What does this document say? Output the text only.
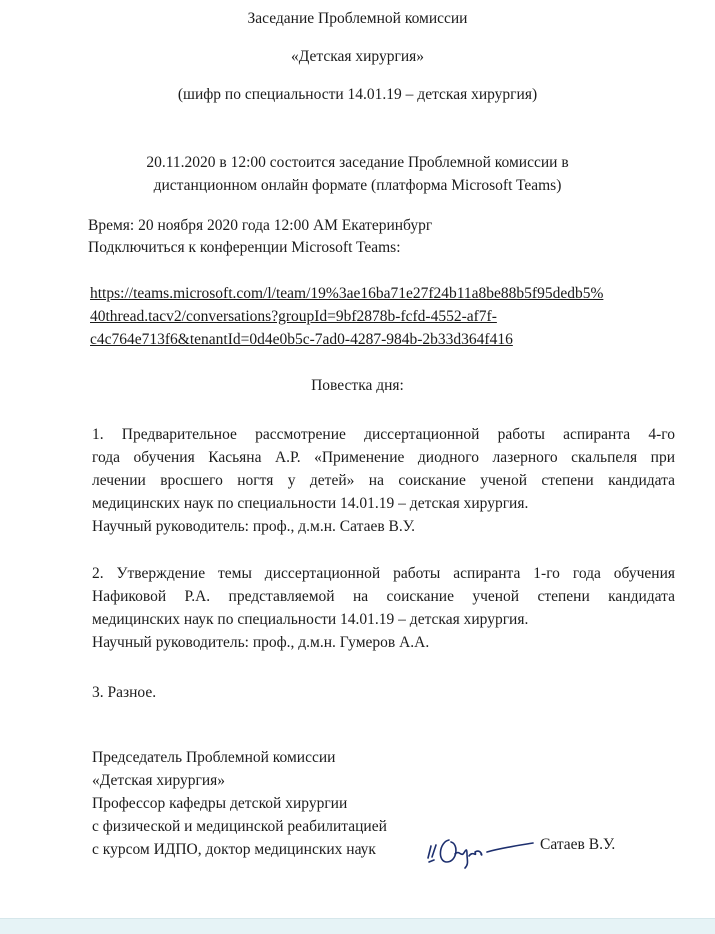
Заседание Проблемной комиссии
«Детская хирургия»
(шифр по специальности 14.01.19 – детская хирургия)
20.11.2020 в 12:00 состоится заседание Проблемной комиссии в
дистанционном онлайн формате (платформа Microsoft Teams)
Время: 20 ноября 2020 года 12:00 AM Екатеринбург
Подключиться к конференции Microsoft Teams:
https://teams.microsoft.com/l/team/19%3ae16ba71e27f24b11a8be88b5f95dedb5%
40thread.tacv2/conversations?groupId=9bf2878b-fcfd-4552-af7f-
c4c764e713f6&tenantId=0d4e0b5c-7ad0-4287-984b-2b33d364f416
Повестка дня:
1. Предварительное рассмотрение диссертационной работы аспиранта 4-го
года обучения Касьяна А.Р. «Применение диодного лазерного скальпеля при
лечении вросшего ногтя у детей» на соискание ученой степени кандидата
медицинских наук по специальности 14.01.19 – детская хирургия.
Научный руководитель: проф., д.м.н. Сатаев В.У.
2. Утверждение темы диссертационной работы аспиранта 1-го года обучения
Нафиковой Р.А. представляемой на соискание ученой степени кандидата
медицинских наук по специальности 14.01.19 – детская хирургия.
Научный руководитель: проф., д.м.н. Гумеров А.А.
3. Разное.
Председатель Проблемной комиссии
«Детская хирургия»
Профессор кафедры детской хирургии
с физической и медицинской реабилитацией
с курсом ИДПО, доктор медицинских наук	Сатаев В.У.
